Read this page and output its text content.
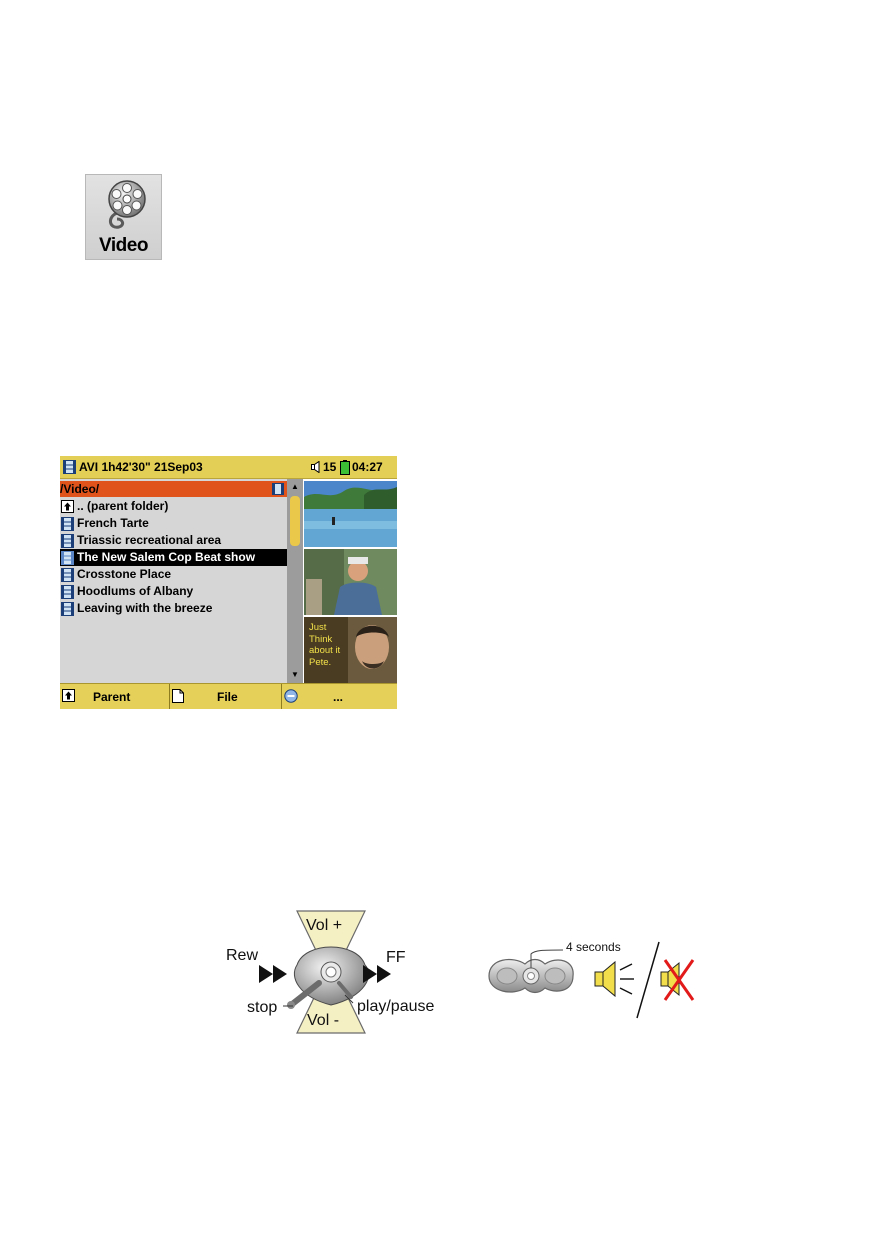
Video
AVI 1h42'30" 21Sep03	15 04:27
/Video/
.. (parent folder)
French Tarte
Triassic recreational area
The New Salem Cop Beat show
Crosstone Place
Hoodlums of Albany
Leaving with the breeze
▲
▼
Just Think about it Pete.
Parent	File	...
Vol +
Vol -
Rew	FF
stop	play/pause
4 seconds
